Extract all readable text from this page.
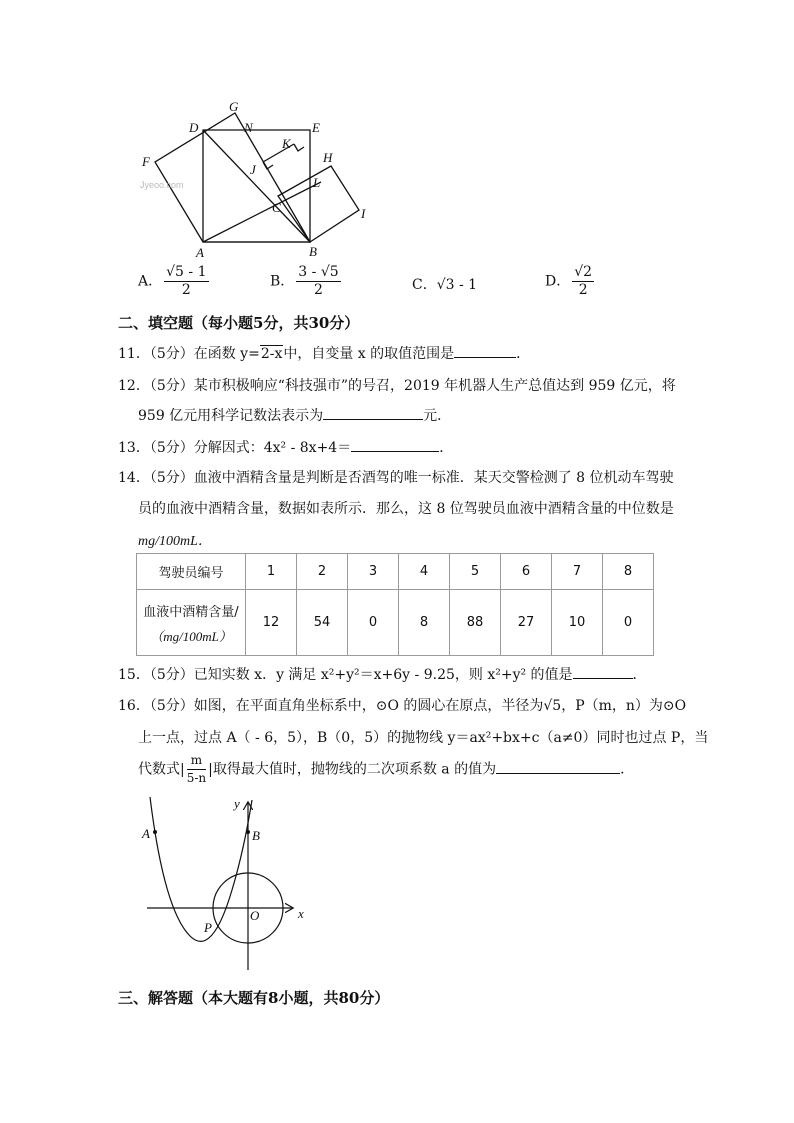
G
D	N	E
F
K
H
J
L
C	I
A	B
Jyeoo.com
A． $\frac{√5 - 1}{2}$	B． $\frac{3 - √5}{2}$	C．√3 - 1	D． $\frac{√2}{2}$
二、填空题（每小题5分，共30分）
11．（5分）在函数 y=2-x中，自变量 x 的取值范围是	．
12．（5分）某市积极响应“科技强市”的号召，2019 年机器人生产总值达到 959 亿元，将
959 亿元用科学记数法表示为	元．
13．（5分）分解因式：4x² - 8x+4＝	．
14．（5分）血液中酒精含量是判断是否酒驾的唯一标准．某天交警检测了 8 位机动车驾驶
员的血液中酒精含量，数据如表所示．那么，这 8 位驾驶员血液中酒精含量的中位数是
mg/100mL．
驾驶员编号	1	2	3	4	5	6	7	8

血液中酒精含量/
（mg/100mL）	12	54	0	8	88	27	10	0
15．（5分）已知实数 x．y 满足 x²+y²＝x+6y - 9.25，则 x²+y² 的值是	．
16．（5分）如图，在平面直角坐标系中，⊙O 的圆心在原点，半径为√5，P（m，n）为⊙O
上一点，过点 A（ - 6，5），B（0，5）的抛物线 y＝ax²+bx+c（a≠0）同时也过点 P，当
代数式| $\frac{m}{5-n}$ |取得最大值时，抛物线的二次项系数 a 的值为	．
y
x
A	B
O
P
三、解答题（本大题有8小题，共80分）
